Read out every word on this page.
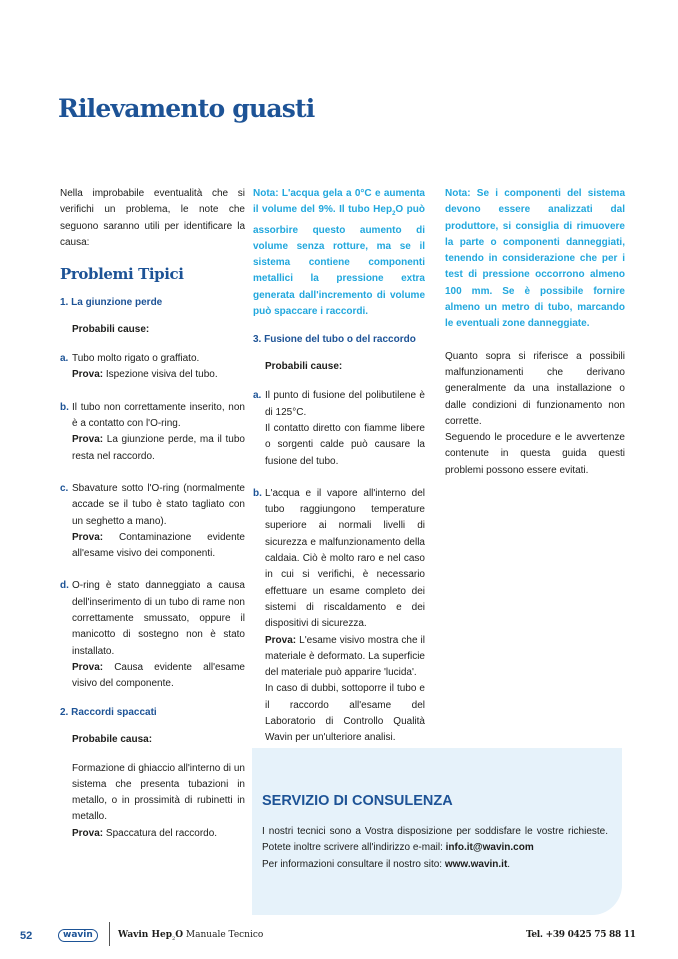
Rilevamento guasti

Nella improbabile eventualità che si verifichi un problema, le note che seguono saranno utili per identificare la causa:

Problemi Tipici

1. La giunzione perde

Probabili cause:

a. Tubo molto rigato o graffiato.
Prova: Ispezione visiva del tubo.
b. Il tubo non correttamente inserito, non è a contatto con l'O-ring.
Prova: La giunzione perde, ma il tubo resta nel raccordo.
c. Sbavature sotto l'O-ring (normalmente accade se il tubo è stato tagliato con un seghetto a mano).
Prova: Contaminazione evidente all'esame visivo dei componenti.
d. O-ring è stato danneggiato a causa dell'inserimento di un tubo di rame non correttamente smussato, oppure il manicotto di sostegno non è stato installato.
Prova: Causa evidente all'esame visivo del componente.

2. Raccordi spaccati

Probabile causa:

Formazione di ghiaccio all'interno di un sistema che presenta tubazioni in metallo, o in prossimità di rubinetti in metallo.
Prova: Spaccatura del raccordo.

Nota: L'acqua gela a 0°C e aumenta il volume del 9%. Il tubo Hep$_2$O può assorbire questo aumento di volume senza rotture, ma se il sistema contiene componenti metallici la pressione extra generata dall'incremento di volume può spaccare i raccordi.

3. Fusione del tubo o del raccordo

Probabili cause:

a. Il punto di fusione del polibutilene è di 125°C.
Il contatto diretto con fiamme libere o sorgenti calde può causare la fusione del tubo.
b. L'acqua e il vapore all'interno del tubo raggiungono temperature superiore ai normali livelli di sicurezza e malfunzionamento della caldaia. Ciò è molto raro e nel caso in cui si verifichi, è necessario effettuare un esame completo dei sistemi di riscaldamento e dei dispositivi di sicurezza.
Prova: L'esame visivo mostra che il materiale è deformato. La superficie del materiale può apparire 'lucida'.
In caso di dubbi, sottoporre il tubo e il raccordo all'esame del Laboratorio di Controllo Qualità Wavin per un'ulteriore analisi.

Nota: Se i componenti del sistema devono essere analizzati dal produttore, si consiglia di rimuovere la parte o componenti danneggiati, tenendo in considerazione che per i test di pressione occorrono almeno 100 mm. Se è possibile fornire almeno un metro di tubo, marcando le eventuali zone danneggiate.

Quanto sopra si riferisce a possibili malfunzionamenti che derivano generalmente da una installazione o dalle condizioni di funzionamento non corrette.
Seguendo le procedure e le avvertenze contenute in questa guida questi problemi possono essere evitati.

SERVIZIO DI CONSULENZA

I nostri tecnici sono a Vostra disposizione per soddisfare le vostre richieste. Potete inoltre scrivere all'indirizzo e-mail: info.it@wavin.com
Per informazioni consultare il nostro sito: www.wavin.it.

52	wavin	Wavin Hep$_2$O Manuale Tecnico	Tel. +39 0425 75 88 11
